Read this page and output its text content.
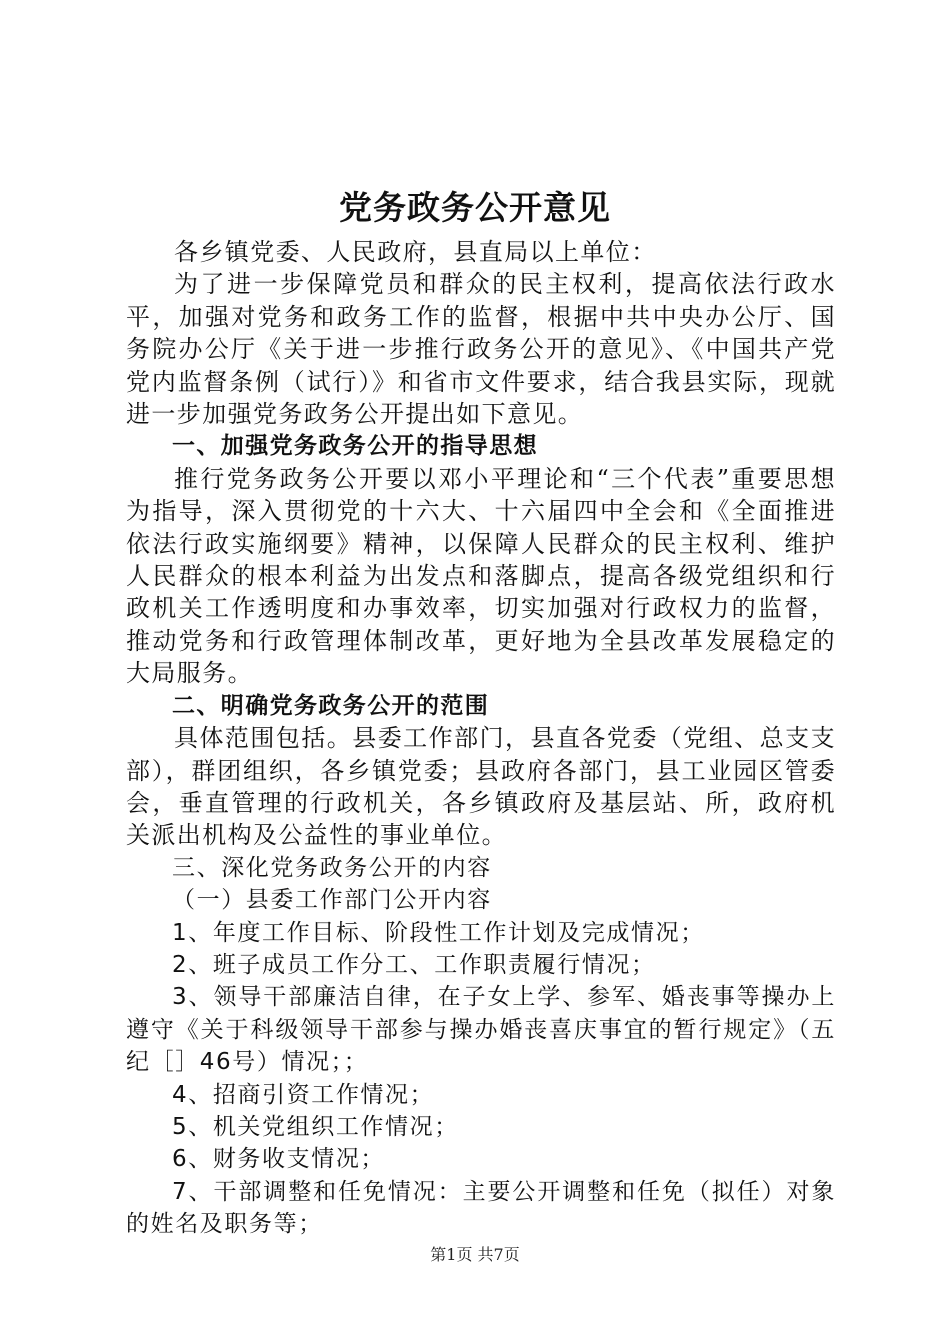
党务政务公开意见

各乡镇党委、人民政府，县直局以上单位：

为了进一步保障党员和群众的民主权利，提高依法行政水平，加强对党务和政务工作的监督，根据中共中央办公厅、国务院办公厅《关于进一步推行政务公开的意见》、《中国共产党党内监督条例（试行）》和省市文件要求，结合我县实际，现就进一步加强党务政务公开提出如下意见。

一、加强党务政务公开的指导思想

推行党务政务公开要以邓小平理论和“三个代表”重要思想为指导，深入贯彻党的十六大、十六届四中全会和《全面推进依法行政实施纲要》精神，以保障人民群众的民主权利、维护人民群众的根本利益为出发点和落脚点，提高各级党组织和行政机关工作透明度和办事效率，切实加强对行政权力的监督，推动党务和行政管理体制改革，更好地为全县改革发展稳定的大局服务。

二、明确党务政务公开的范围

具体范围包括。县委工作部门，县直各党委（党组、总支支部），群团组织，各乡镇党委；县政府各部门，县工业园区管委会，垂直管理的行政机关，各乡镇政府及基层站、所，政府机关派出机构及公益性的事业单位。

三、深化党务政务公开的内容

（一）县委工作部门公开内容

1、年度工作目标、阶段性工作计划及完成情况；

2、班子成员工作分工、工作职责履行情况；

3、领导干部廉洁自律，在子女上学、参军、婚丧事等操办上遵守《关于科级领导干部参与操办婚丧喜庆事宜的暂行规定》（五纪［］46号）情况；；

4、招商引资工作情况；

5、机关党组织工作情况；

6、财务收支情况；

7、干部调整和任免情况：主要公开调整和任免（拟任）对象的姓名及职务等；

第1页 共7页
